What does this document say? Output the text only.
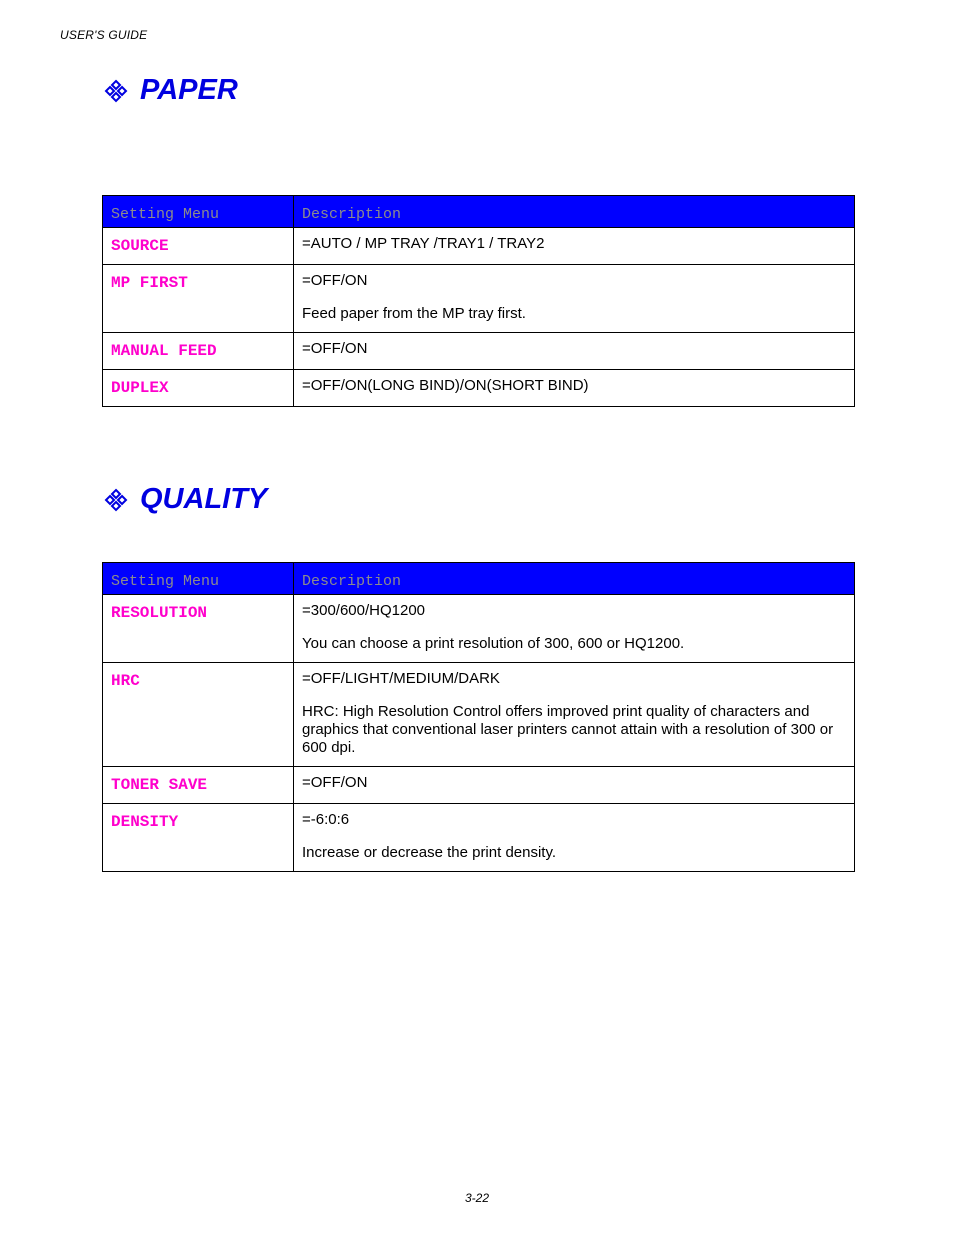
USER'S GUIDE
PAPER
Setting Menu	Description
SOURCE	=AUTO / MP TRAY /TRAY1 / TRAY2

MP FIRST	=OFF/ON
Feed paper from the MP tray first.

MANUAL FEED	=OFF/ON

DUPLEX	=OFF/ON(LONG BIND)/ON(SHORT BIND)
QUALITY
Setting Menu	Description
RESOLUTION	=300/600/HQ1200
You can choose a print resolution of 300, 600 or HQ1200.

HRC	=OFF/LIGHT/MEDIUM/DARK
HRC: High Resolution Control offers improved print quality of characters and graphics that conventional laser printers cannot attain with a resolution of 300 or 600 dpi.

TONER SAVE	=OFF/ON

DENSITY	=-6:0:6
Increase or decrease the print density.
3-22
